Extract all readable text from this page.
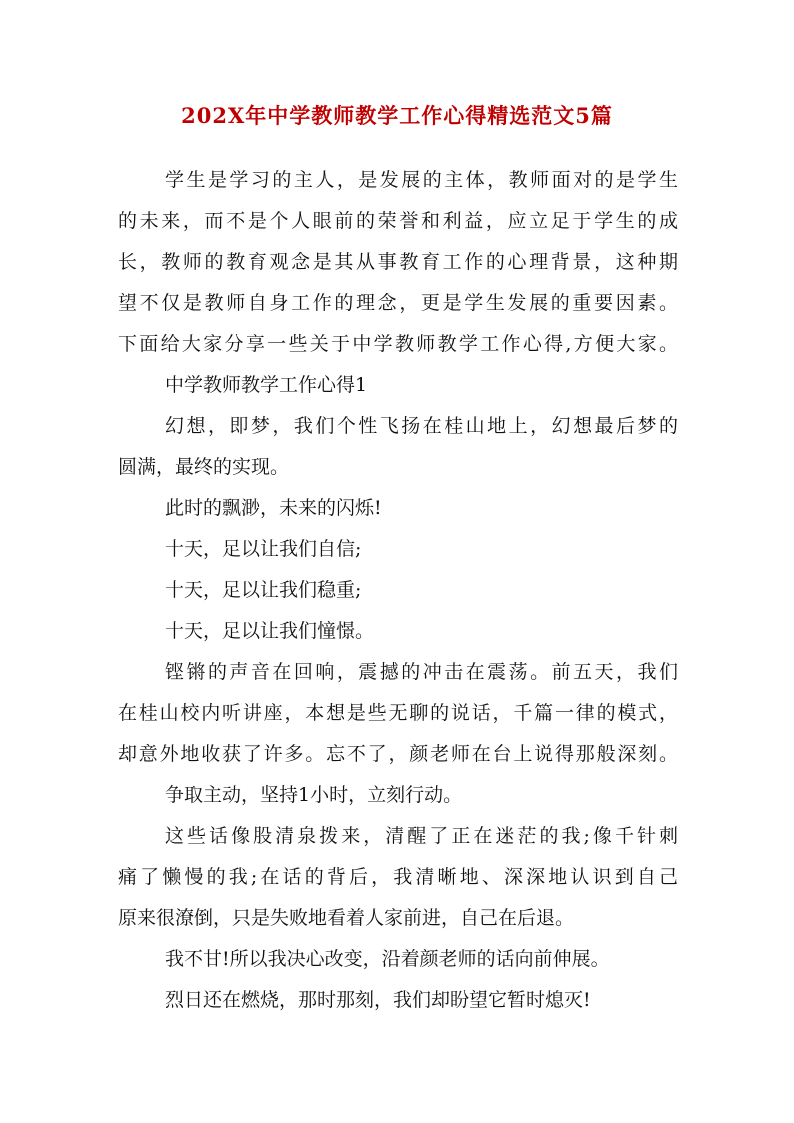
202X年中学教师教学工作心得精选范文5篇
学生是学习的主人，是发展的主体，教师面对的是学生
的未来，而不是个人眼前的荣誉和利益，应立足于学生的成
长，教师的教育观念是其从事教育工作的心理背景，这种期
望不仅是教师自身工作的理念，更是学生发展的重要因素。
下面给大家分享一些关于中学教师教学工作心得,方便大家。
中学教师教学工作心得1
幻想，即梦，我们个性飞扬在桂山地上，幻想最后梦的
圆满，最终的实现。
此时的飘渺，未来的闪烁!
十天，足以让我们自信;
十天，足以让我们稳重;
十天，足以让我们憧憬。
铿锵的声音在回响，震撼的冲击在震荡。前五天，我们
在桂山校内听讲座，本想是些无聊的说话，千篇一律的模式，
却意外地收获了许多。忘不了，颜老师在台上说得那般深刻。
争取主动，坚持1小时，立刻行动。
这些话像股清泉拨来，清醒了正在迷茫的我;像千针刺
痛了懒慢的我;在话的背后，我清晰地、深深地认识到自己
原来很潦倒，只是失败地看着人家前进，自己在后退。
我不甘!所以我决心改变，沿着颜老师的话向前伸展。
烈日还在燃烧，那时那刻，我们却盼望它暂时熄灭!
